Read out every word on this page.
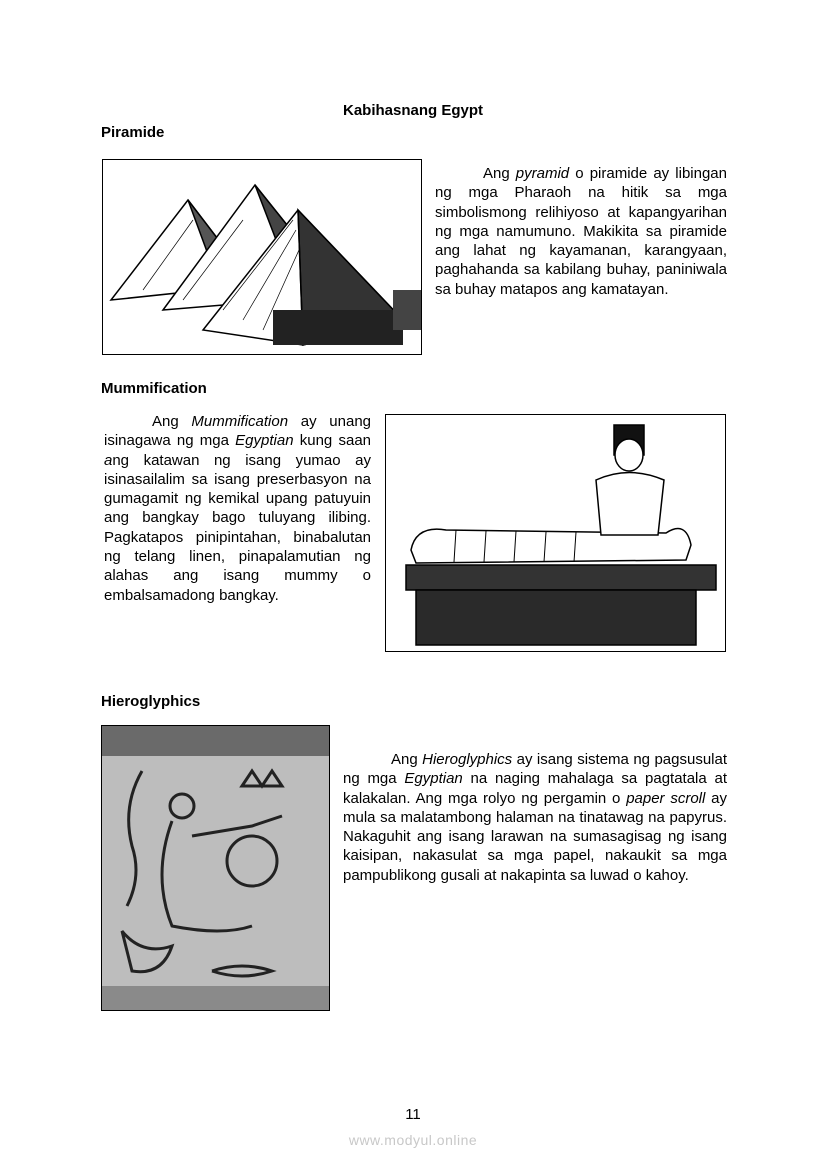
Kabihasnang Egypt
Piramide

Ang pyramid o piramide ay libingan ng mga Pharaoh na hitik sa mga simbolismong relihiyoso at kapangyarihan ng mga namumuno. Makikita sa piramide ang lahat ng kayamanan, karangyaan, paghahanda sa kabilang buhay, paniniwala sa buhay matapos ang kamatayan.

Mummification

Ang Mummification ay unang isinagawa ng mga Egyptian kung saan ang katawan ng isang yumao ay isinasailalim sa isang preserbasyon na gumagamit ng kemikal upang patuyuin ang bangkay bago tuluyang ilibing. Pagkatapos pinipintahan, binabalutan ng telang linen, pinapalamutian ng alahas ang isang mummy o embalsamadong bangkay.

Hieroglyphics

Ang Hieroglyphics ay isang sistema ng pagsusulat ng mga Egyptian na naging mahalaga sa pagtatala at kalakalan. Ang mga rolyo ng pergamin o paper scroll ay mula sa malatambong halaman na tinatawag na papyrus. Nakaguhit ang isang larawan na sumasagisag ng isang kaisipan, nakasulat sa mga papel, nakaukit sa mga pampublikong gusali at nakapinta sa luwad o kahoy.

11
www.modyul.online
